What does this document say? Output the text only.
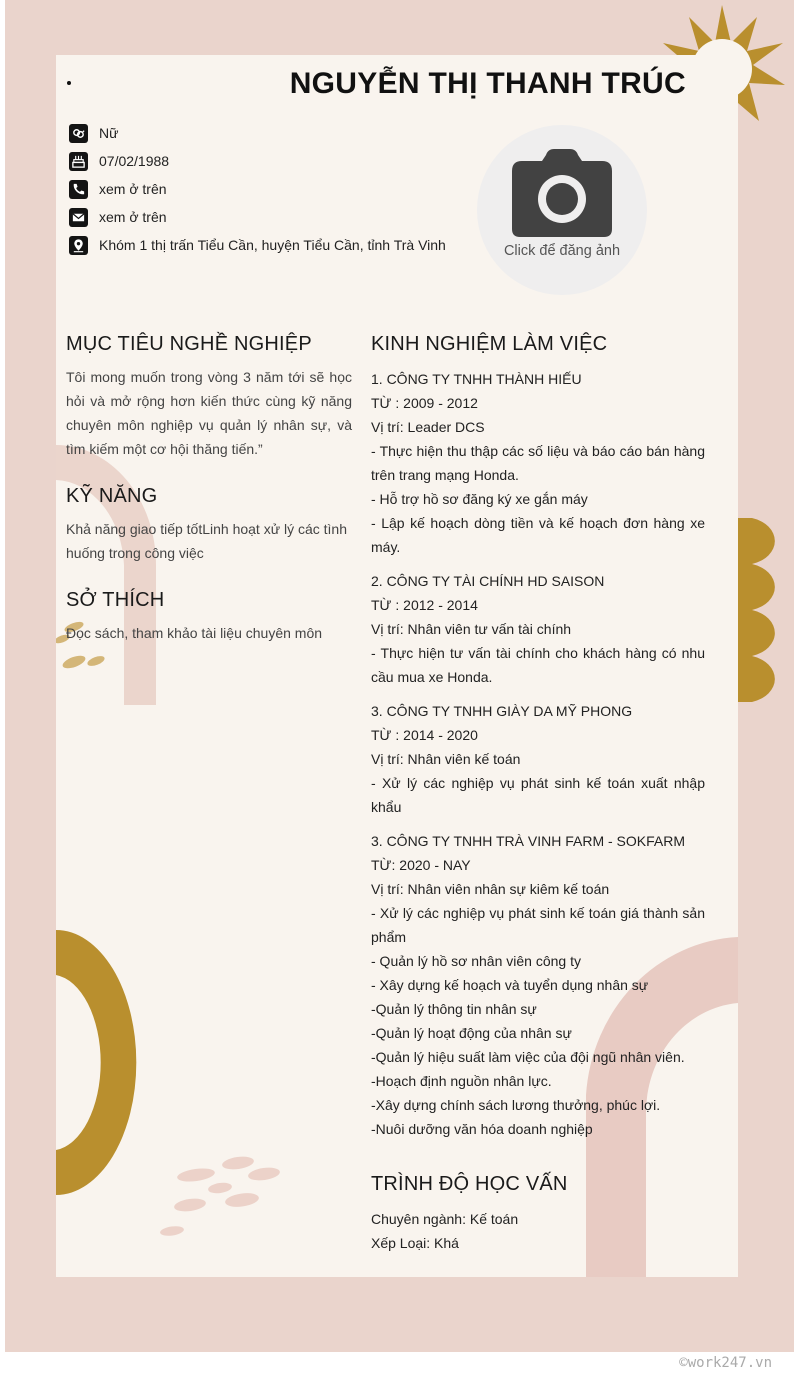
NGUYỄN THỊ THANH TRÚC
Nữ
07/02/1988
xem ở trên
xem ở trên
Khóm 1 thị trấn Tiểu Cần, huyện Tiểu Cần, tỉnh Trà Vinh	Click để đăng ảnh
MỤC TIÊU NGHỀ NGHIỆP

Tôi mong muốn trong vòng 3 năm tới sẽ học hỏi và mở rộng hơn kiến thức cùng kỹ năng chuyên môn nghiệp vụ quản lý nhân sự, và tìm kiếm một cơ hội thăng tiến.”

KỸ NĂNG

Khả năng giao tiếp tốtLinh hoạt xử lý các tình huống trong công việc

SỞ THÍCH

Đọc sách, tham khảo tài liệu chuyên môn

KINH NGHIỆM LÀM VIỆC
1. CÔNG TY TNHH THÀNH HIẾU
TỪ : 2009 - 2012
Vị trí: Leader DCS
- Thực hiện thu thập các số liệu và báo cáo bán hàng trên trang mạng Honda.
- Hỗ trợ hồ sơ đăng ký xe gắn máy
- Lập kế hoạch dòng tiền và kế hoạch đơn hàng xe máy.
2. CÔNG TY TÀI CHÍNH HD SAISON
TỪ : 2012 - 2014
Vị trí: Nhân viên tư vấn tài chính
- Thực hiện tư vấn tài chính cho khách hàng có nhu cầu mua xe Honda.
3. CÔNG TY TNHH GIÀY DA MỸ PHONG
TỪ : 2014 - 2020
Vị trí: Nhân viên kế toán
- Xử lý các nghiệp vụ phát sinh kế toán xuất nhập khẩu
3. CÔNG TY TNHH TRÀ VINH FARM - SOKFARM
TỪ: 2020 - NAY
Vị trí: Nhân viên nhân sự kiêm kế toán
- Xử lý các nghiệp vụ phát sinh kế toán giá thành sản phẩm
- Quản lý hồ sơ nhân viên công ty
- Xây dựng kế hoạch và tuyển dụng nhân sự
-Quản lý thông tin nhân sự
-Quản lý hoạt động của nhân sự
-Quản lý hiệu suất làm việc của đội ngũ nhân viên.
-Hoạch định nguồn nhân lực.
-Xây dựng chính sách lương thưởng, phúc lợi.
-Nuôi dưỡng văn hóa doanh nghiệp
TRÌNH ĐỘ HỌC VẤN
Chuyên ngành: Kế toán
Xếp Loại: Khá
©work247.vn
